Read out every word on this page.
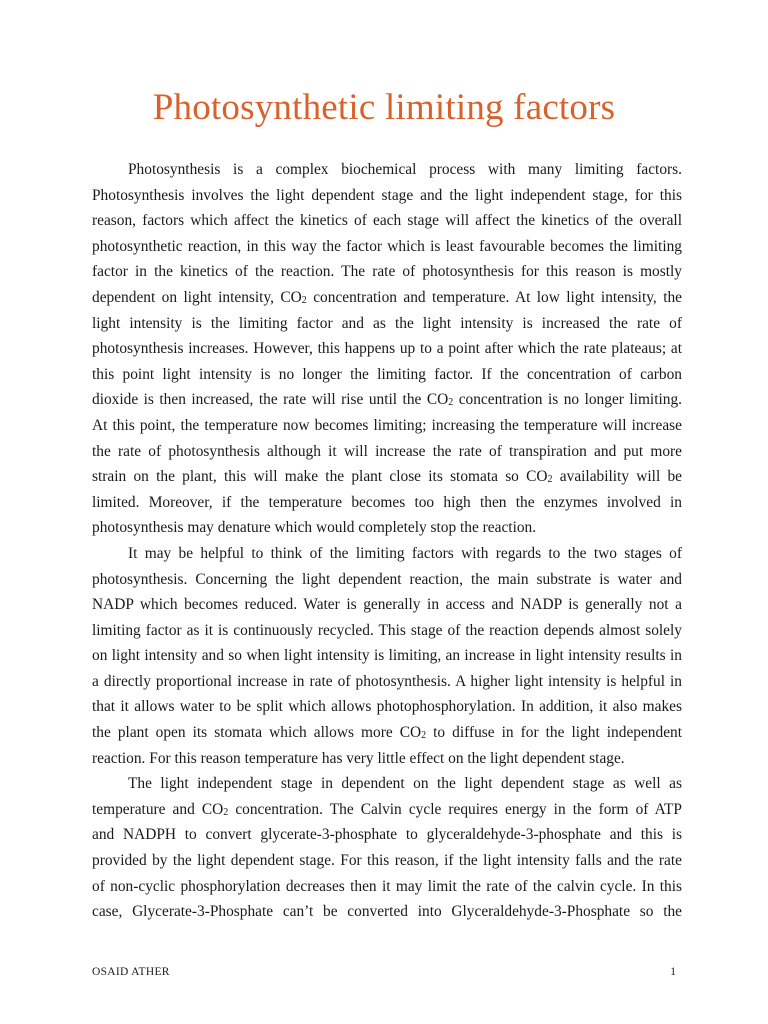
Photosynthetic limiting factors

Photosynthesis is a complex biochemical process with many limiting factors.
Photosynthesis involves the light dependent stage and the light independent stage, for this
reason, factors which affect the kinetics of each stage will affect the kinetics of the overall
photosynthetic reaction, in this way the factor which is least favourable becomes the limiting
factor in the kinetics of the reaction. The rate of photosynthesis for this reason is mostly
dependent on light intensity, $CO_2$ concentration and temperature. At low light intensity, the
light intensity is the limiting factor and as the light intensity is increased the rate of
photosynthesis increases. However, this happens up to a point after which the rate plateaus; at
this point light intensity is no longer the limiting factor. If the concentration of carbon
dioxide is then increased, the rate will rise until the $CO_2$ concentration is no longer limiting.
At this point, the temperature now becomes limiting; increasing the temperature will increase
the rate of photosynthesis although it will increase the rate of transpiration and put more
strain on the plant, this will make the plant close its stomata so $CO_2$ availability will be
limited. Moreover, if the temperature becomes too high then the enzymes involved in
photosynthesis may denature which would completely stop the reaction.

It may be helpful to think of the limiting factors with regards to the two stages of
photosynthesis. Concerning the light dependent reaction, the main substrate is water and
NADP which becomes reduced. Water is generally in access and NADP is generally not a
limiting factor as it is continuously recycled. This stage of the reaction depends almost solely
on light intensity and so when light intensity is limiting, an increase in light intensity results in
a directly proportional increase in rate of photosynthesis. A higher light intensity is helpful in
that it allows water to be split which allows photophosphorylation. In addition, it also makes
the plant open its stomata which allows more $CO_2$ to diffuse in for the light independent
reaction. For this reason temperature has very little effect on the light dependent stage.

The light independent stage in dependent on the light dependent stage as well as
temperature and $CO_2$ concentration. The Calvin cycle requires energy in the form of ATP
and NADPH to convert glycerate-3-phosphate to glyceraldehyde-3-phosphate and this is
provided by the light dependent stage. For this reason, if the light intensity falls and the rate
of non-cyclic phosphorylation decreases then it may limit the rate of the calvin cycle. In this
case, Glycerate-3-Phosphate can’t be converted into Glyceraldehyde-3-Phosphate so the

OSAID ATHER	1
